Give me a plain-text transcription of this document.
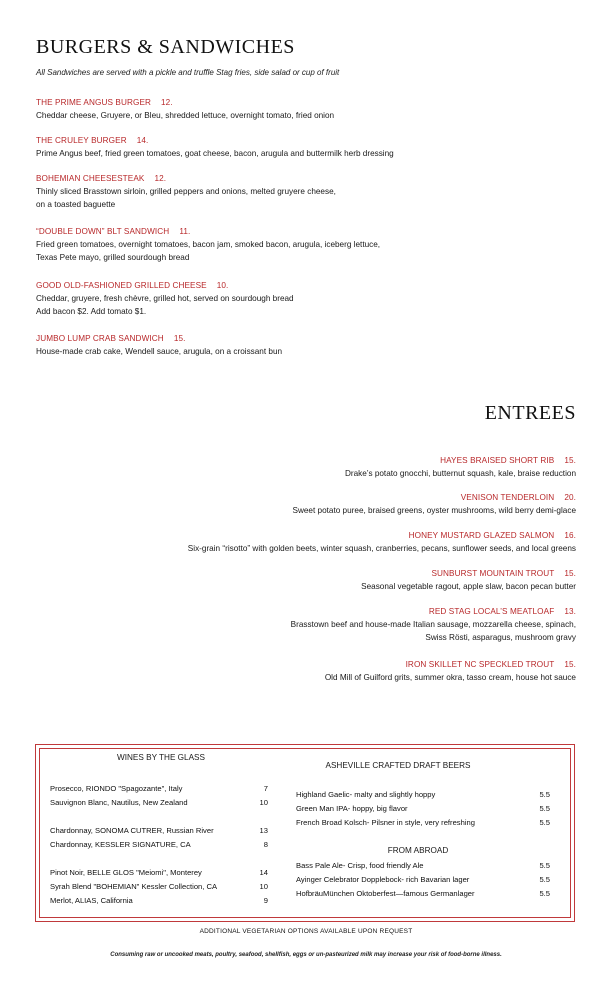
BURGERS & SANDWICHES
All Sandwiches are served with a pickle and truffle Stag fries, side salad or cup of fruit
THE PRIME ANGUS BURGER 12.
Cheddar cheese, Gruyere, or Bleu, shredded lettuce, overnight tomato, fried onion
THE CRULEY BURGER 14.
Prime Angus beef, fried green tomatoes, goat cheese, bacon, arugula and buttermilk herb dressing
BOHEMIAN CHEESESTEAK 12.
Thinly sliced Brasstown sirloin, grilled peppers and onions, melted gruyere cheese,
on a toasted baguette
“DOUBLE DOWN” BLT SANDWICH 11.
Fried green tomatoes, overnight tomatoes, bacon jam, smoked bacon, arugula, iceberg lettuce,
Texas Pete mayo, grilled sourdough bread
GOOD OLD-FASHIONED GRILLED CHEESE 10.
Cheddar, gruyere, fresh chèvre, grilled hot, served on sourdough bread
Add bacon $2. Add tomato $1.
JUMBO LUMP CRAB SANDWICH 15.
House-made crab cake, Wendell sauce, arugula, on a croissant bun
ENTREES
HAYES BRAISED SHORT RIB 15.
Drake’s potato gnocchi, butternut squash, kale, braise reduction
VENISON TENDERLOIN 20.
Sweet potato puree, braised greens, oyster mushrooms, wild berry demi-glace
HONEY MUSTARD GLAZED SALMON 16.
Six-grain “risotto” with golden beets, winter squash, cranberries, pecans, sunflower seeds, and local greens
SUNBURST MOUNTAIN TROUT 15.
Seasonal vegetable ragout, apple slaw, bacon pecan butter
RED STAG LOCAL’S MEATLOAF 13.
Brasstown beef and house-made Italian sausage, mozzarella cheese, spinach,
Swiss Rösti, asparagus, mushroom gravy
IRON SKILLET NC SPECKLED TROUT 15.
Old Mill of Guilford grits, summer okra, tasso cream, house hot sauce
WINES BY THE GLASS
Prosecco, RIONDO "Spagozante", Italy	7
Sauvignon Blanc, Nautilus, New Zealand	10
Chardonnay, SONOMA CUTRER, Russian River	13
Chardonnay, KESSLER SIGNATURE, CA	8
Pinot Noir, BELLE GLOS "Meiomi", Monterey	14
Syrah Blend "BOHEMIAN" Kessler Collection, CA	10
Merlot, ALIAS, California	9
ASHEVILLE CRAFTED DRAFT BEERS
Highland Gaelic- malty and slightly hoppy	5.5
Green Man IPA- hoppy, big flavor	5.5
French Broad Kolsch- Pilsner in style, very refreshing	5.5
FROM ABROAD
Bass Pale Ale- Crisp, food friendly Ale	5.5
Ayinger Celebrator Dopplebock- rich Bavarian lager	5.5
HofbräuMünchen Oktoberfest—famous Germanlager	5.5
ADDITIONAL VEGETARIAN OPTIONS AVAILABLE UPON REQUEST
Consuming raw or uncooked meats, poultry, seafood, shellfish, eggs or un-pasteurized milk may increase your risk of food-borne illness.
